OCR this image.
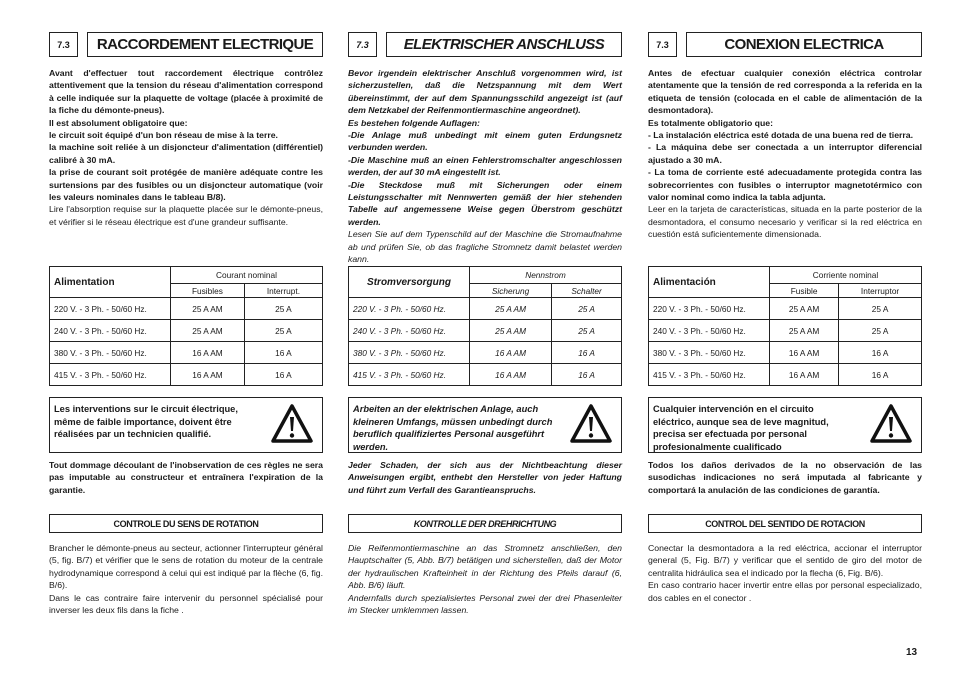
7.3	RACCORDEMENT ELECTRIQUE

Avant d'effectuer tout raccordement électrique contrôlez attentivement que la tension du réseau d'alimentation correspond à celle indiquée sur la plaquette de voltage (placée à proximité de la fiche du démonte-pneus).

Il est absolument obligatoire que:

le circuit soit équipé d'un bon réseau de mise à la terre.

la machine soit reliée à un disjoncteur d'alimentation (différentiel) calibré à 30 mA.

la prise de courant soit protégée de manière adéquate contre les surtensions par des fusibles ou un disjoncteur automatique (voir les valeurs nominales dans le tableau B/8).

Lire l'absorption requise sur la plaquette placée sur le démonte-pneus, et vérifier si le réseau électrique est d'une grandeur suffisante.

Alimentation	Courant nominal	
	Fusibles	Interrupt.
220 V. - 3 Ph. - 50/60 Hz.	25 A AM	25 A
240 V. - 3 Ph. - 50/60 Hz.	25 A AM	25 A
380 V. - 3 Ph. - 50/60 Hz.	16 A AM	16 A
415 V. - 3 Ph. - 50/60 Hz.	16 A AM	16 A
Les interventions sur le circuit électrique, même de faible importance, doivent être réalisées par un technicien qualifié.
Tout dommage découlant de l'inobservation de ces règles ne sera pas imputable au constructeur et entraînera l'expiration de la garantie.
CONTROLE DU SENS DE ROTATION

Brancher le démonte-pneus au secteur, actionner l'interrupteur général (5, fig. B/7) et vérifier que le sens de rotation du moteur de la centrale hydrodynamique correspond à celui qui est indiqué par la flèche (6, fig. B/6).

Dans le cas contraire faire intervenir du personnel spécialisé pour inverser les deux fils dans la fiche .

7.3	ELEKTRISCHER ANSCHLUSS

Bevor irgendein elektrischer Anschluß vorgenommen wird, ist sicherzustellen, daß die Netzspannung mit dem Wert übereinstimmt, der auf dem Spannungsschild angezeigt ist (auf dem Netzkabel der Reifenmontiermaschine angeordnet).

Es bestehen folgende Auflagen:

-Die Anlage muß unbedingt mit einem guten Erdungsnetz verbunden werden.

-Die Maschine muß an einen Fehlerstromschalter angeschlossen werden, der auf 30 mA eingestellt ist.

-Die Steckdose muß mit Sicherungen oder einem Leistungsschalter mit Nennwerten gemäß der hier stehenden Tabelle auf angemessene Weise gegen Überstrom geschützt werden.

Lesen Sie auf dem Typenschild auf der Maschine die Stromaufnahme ab und prüfen Sie, ob das fragliche Stromnetz damit belastet werden kann.

Stromversorgung	Nennstrom	
	Sicherung	Schalter
220 V. - 3 Ph. - 50/60 Hz.	25 A AM	25 A
240 V. - 3 Ph. - 50/60 Hz.	25 A AM	25 A
380 V. - 3 Ph. - 50/60 Hz.	16 A AM	16 A
415 V. - 3 Ph. - 50/60 Hz.	16 A AM	16 A
Arbeiten an der elektrischen Anlage, auch kleineren Umfangs, müssen unbedingt durch beruflich qualifiziertes Personal ausgeführt werden.
Jeder Schaden, der sich aus der Nichtbeachtung dieser Anweisungen ergibt, enthebt den Hersteller von jeder Haftung und führt zum Verfall des Garantieanspruchs.
KONTROLLE DER DREHRICHTUNG

Die Reifenmontiermaschine an das Stromnetz anschließen, den Hauptschalter (5, Abb. B/7) betätigen und sicherstellen, daß der Motor der hydraulischen Krafteinheit in der Richtung des Pfeils darauf (6, Abb. B/6) läuft.

Andernfalls durch spezialisiertes Personal zwei der drei Phasenleiter im Stecker umklemmen lassen.

7.3	CONEXION ELECTRICA

Antes de efectuar cualquier conexión eléctrica controlar atentamente que la tensión de red corresponda a la referida en la etiqueta de tensión (colocada en el cable de alimentación de la desmontadora).

Es totalmente obligatorio que:

- La instalación eléctrica esté dotada de una buena red de tierra.

- La máquina debe ser conectada a un interruptor diferencial ajustado a 30 mA.

- La toma de corriente esté adecuadamente protegida contra las sobrecorrientes con fusibles o interruptor magnetotérmico con valor nominal como indica la tabla adjunta.

Leer en la tarjeta de características, situada en la parte posterior de la desmontadora, el consumo necesario y verificar si la red eléctrica en cuestión está suficientemente dimensionada.

Alimentación	Corriente nominal	
	Fusible	Interruptor
220 V. - 3 Ph. - 50/60 Hz.	25 A AM	25 A
240 V. - 3 Ph. - 50/60 Hz.	25 A AM	25 A
380 V. - 3 Ph. - 50/60 Hz.	16 A AM	16 A
415 V. - 3 Ph. - 50/60 Hz.	16 A AM	16 A
Cualquier intervención en el circuito eléctrico, aunque sea de leve magnitud, precisa ser efectuada por personal profesionalmente cualificado
Todos los daños derivados de la no observación de las susodichas indicaciones no será imputada al fabricante y comportará la anulación de las condiciones de garantía.
CONTROL DEL SENTIDO DE ROTACION

Conectar la desmontadora a la red eléctrica, accionar el interruptor general (5, Fig. B/7) y verificar que el sentido de giro del motor de centralita hidráulica sea el indicado por la flecha (6, Fig. B/6).

En caso contrario hacer invertir entre ellas por personal especializado, dos cables en el conector .

13
